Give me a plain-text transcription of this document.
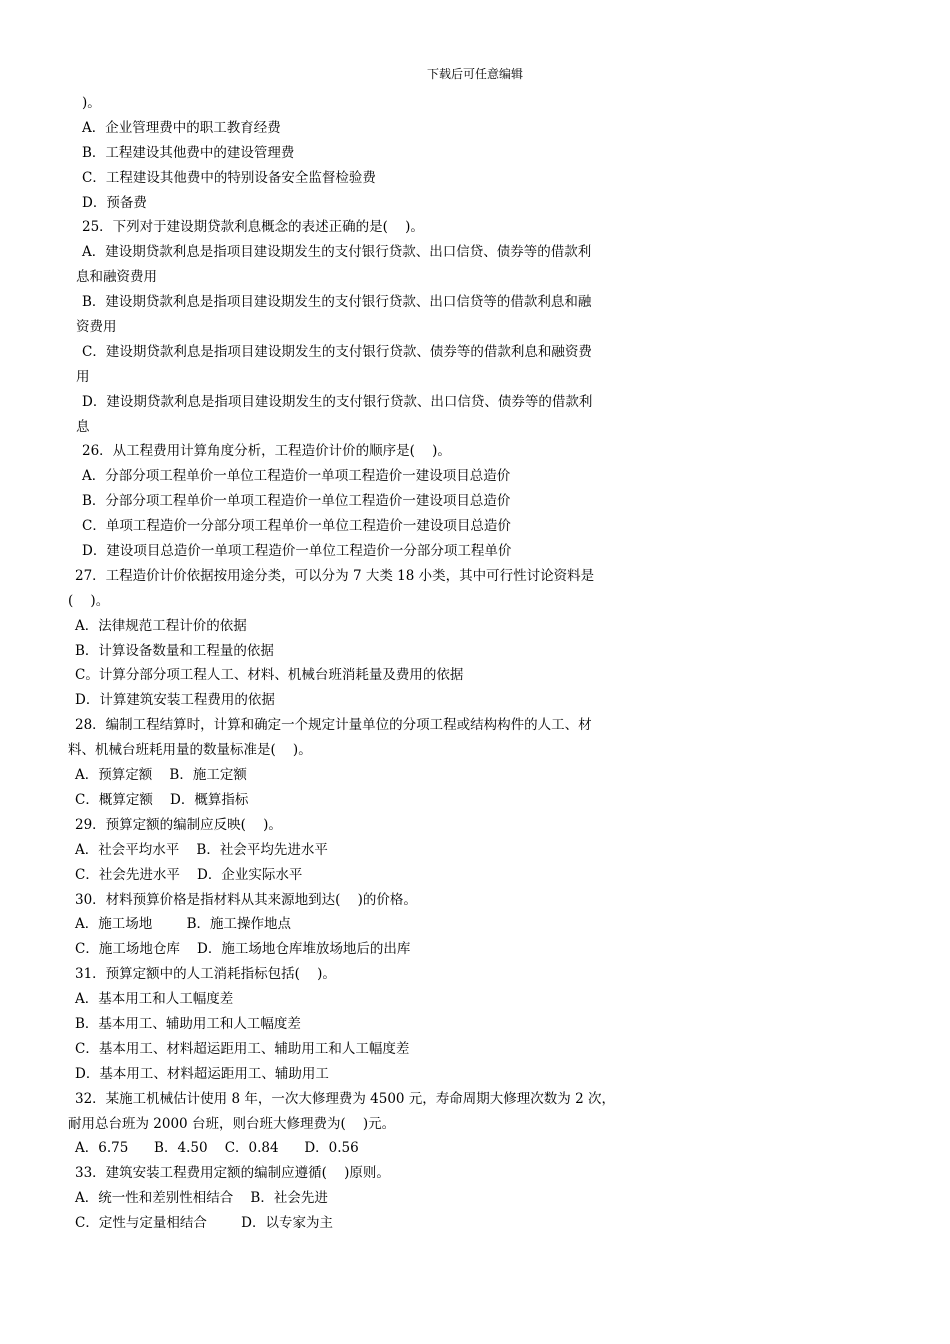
下载后可任意编辑
)。
A．企业管理费中的职工教育经费
B．工程建设其他费中的建设管理费
C．工程建设其他费中的特别设备安全监督检验费
D．预备费
25．下列对于建设期贷款利息概念的表述正确的是(    )。
A．建设期贷款利息是指项目建设期发生的支付银行贷款、出口信贷、债券等的借款利
息和融资费用
B．建设期贷款利息是指项目建设期发生的支付银行贷款、出口信贷等的借款利息和融
资费用
C．建设期贷款利息是指项目建设期发生的支付银行贷款、债券等的借款利息和融资费
用
D．建设期贷款利息是指项目建设期发生的支付银行贷款、出口信贷、债券等的借款利
息
26．从工程费用计算角度分析，工程造价计价的顺序是(    )。
A．分部分项工程单价一单位工程造价一单项工程造价一建设项目总造价
B．分部分项工程单价一单项工程造价一单位工程造价一建设项目总造价
C．单项工程造价一分部分项工程单价一单位工程造价一建设项目总造价
D．建设项目总造价一单项工程造价一单位工程造价一分部分项工程单价
27．工程造价计价依据按用途分类，可以分为 7 大类 18 小类，其中可行性讨论资料是
(    )。
A．法律规范工程计价的依据
B．计算设备数量和工程量的依据
C。计算分部分项工程人工、材料、机械台班消耗量及费用的依据
D．计算建筑安装工程费用的依据
28．编制工程结算时，计算和确定一个规定计量单位的分项工程或结构构件的人工、材
料、机械台班耗用量的数量标准是(    )。
A．预算定额    B．施工定额
C．概算定额    D．概算指标
29．预算定额的编制应反映(    )。
A．社会平均水平    B．社会平均先进水平
C．社会先进水平    D．企业实际水平
30．材料预算价格是指材料从其来源地到达(    )的价格。
A．施工场地        B．施工操作地点
C．施工场地仓库    D．施工场地仓库堆放场地后的出库
31．预算定额中的人工消耗指标包括(    )。
A．基本用工和人工幅度差
B．基本用工、辅助用工和人工幅度差
C．基本用工、材料超运距用工、辅助用工和人工幅度差
D．基本用工、材料超运距用工、辅助用工
32．某施工机械估计使用 8 年，一次大修理费为 4500 元，寿命周期大修理次数为 2 次，
耐用总台班为 2000 台班，则台班大修理费为(    )元。
A．6.75      B．4.50    C．0.84      D．0.56
33．建筑安装工程费用定额的编制应遵循(    )原则。
A．统一性和差别性相结合    B．社会先进
C．定性与定量相结合        D．以专家为主
